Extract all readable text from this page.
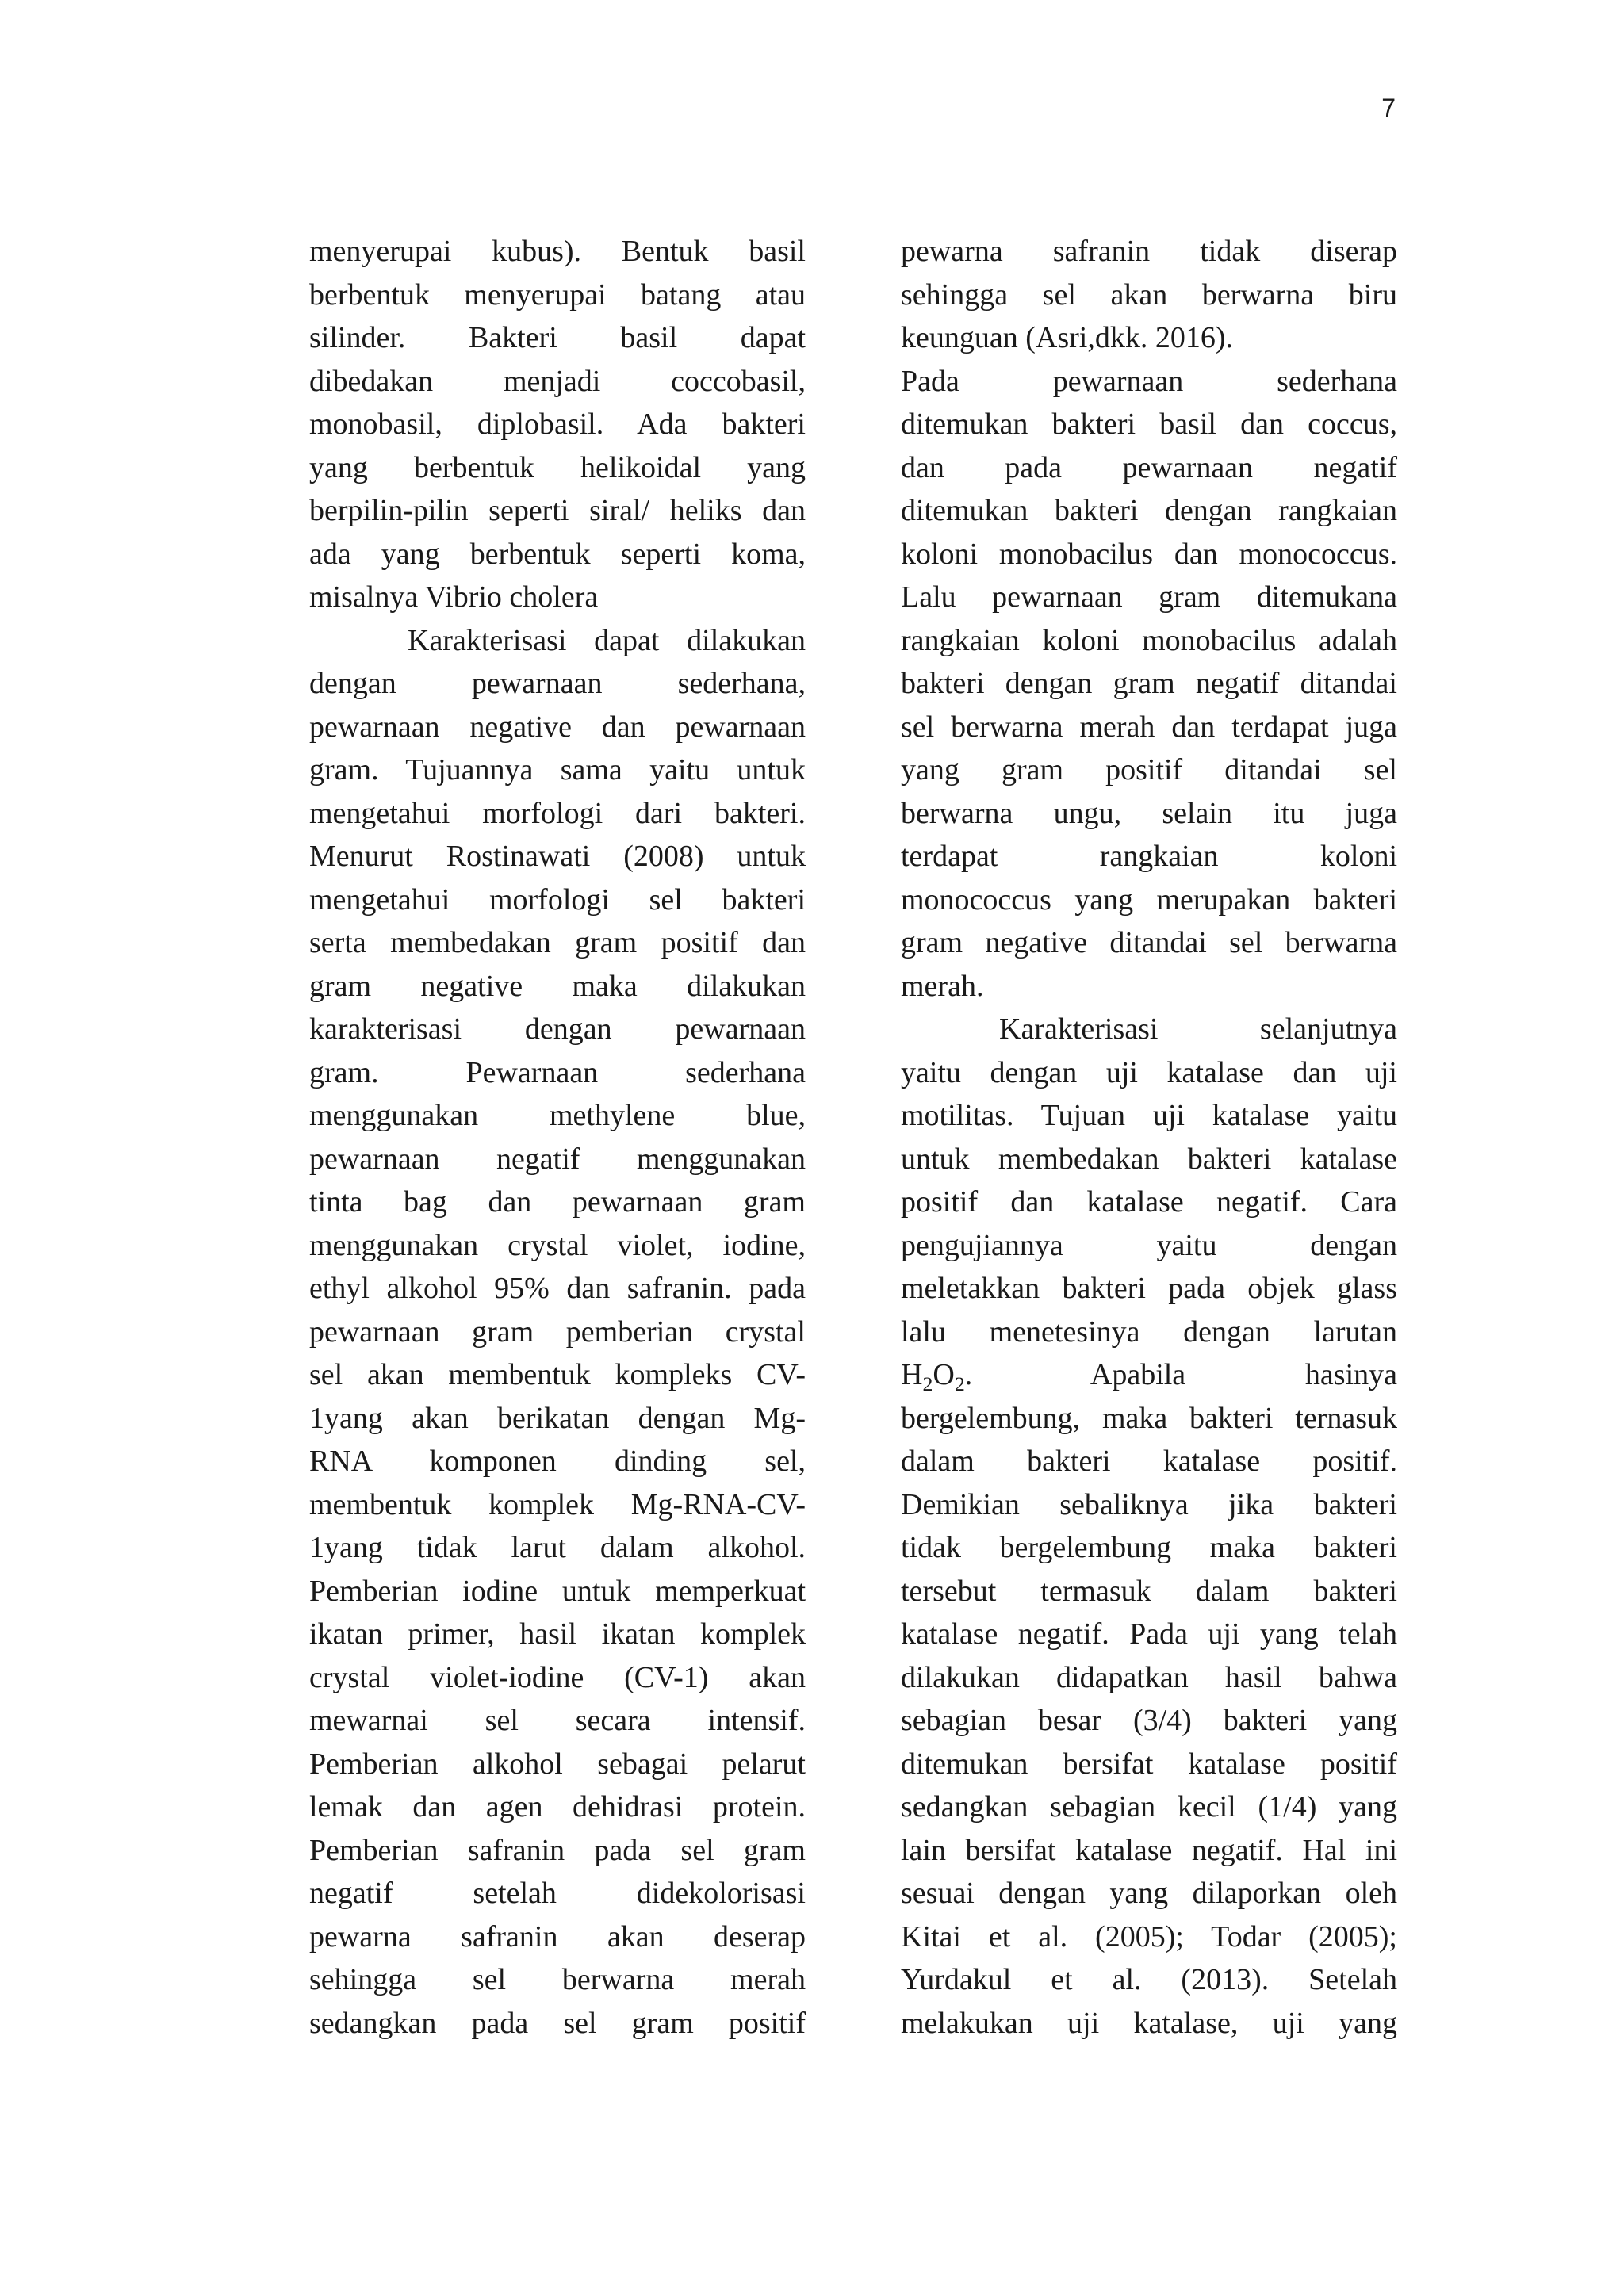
7
menyerupai kubus). Bentuk basil
berbentuk menyerupai batang atau
silinder. Bakteri basil dapat
dibedakan menjadi coccobasil,
monobasil, diplobasil. Ada bakteri
yang berbentuk helikoidal yang
berpilin-pilin seperti siral/ heliks dan
ada yang berbentuk seperti koma,
misalnya Vibrio cholera
Karakterisasi dapat dilakukan
dengan pewarnaan sederhana,
pewarnaan negative dan pewarnaan
gram. Tujuannya sama yaitu untuk
mengetahui morfologi dari bakteri.
Menurut Rostinawati (2008) untuk
mengetahui morfologi sel bakteri
serta membedakan gram positif dan
gram negative maka dilakukan
karakterisasi dengan pewarnaan
gram. Pewarnaan sederhana
menggunakan methylene blue,
pewarnaan negatif menggunakan
tinta bag dan pewarnaan gram
menggunakan crystal violet, iodine,
ethyl alkohol 95% dan safranin. pada
pewarnaan gram pemberian crystal
sel akan membentuk kompleks CV-
1yang akan berikatan dengan Mg-
RNA komponen dinding sel,
membentuk komplek Mg-RNA-CV-
1yang tidak larut dalam alkohol.
Pemberian iodine untuk memperkuat
ikatan primer, hasil ikatan komplek
crystal violet-iodine (CV-1) akan
mewarnai sel secara intensif.
Pemberian alkohol sebagai pelarut
lemak dan agen dehidrasi protein.
Pemberian safranin pada sel gram
negatif setelah didekolorisasi
pewarna safranin akan deserap
sehingga sel berwarna merah
sedangkan pada sel gram positif
pewarna safranin tidak diserap
sehingga sel akan berwarna biru
keunguan (Asri,dkk. 2016).
Pada pewarnaan sederhana
ditemukan bakteri basil dan coccus,
dan pada pewarnaan negatif
ditemukan bakteri dengan rangkaian
koloni monobacilus dan monococcus.
Lalu pewarnaan gram ditemukana
rangkaian koloni monobacilus adalah
bakteri dengan gram negatif ditandai
sel berwarna merah dan terdapat juga
yang gram positif ditandai sel
berwarna ungu, selain itu juga
terdapat rangkaian koloni
monococcus yang merupakan bakteri
gram negative ditandai sel berwarna
merah.
Karakterisasi selanjutnya
yaitu dengan uji katalase dan uji
motilitas. Tujuan uji katalase yaitu
untuk membedakan bakteri katalase
positif dan katalase negatif. Cara
pengujiannya yaitu dengan
meletakkan bakteri pada objek glass
lalu menetesinya dengan larutan
$H_2O_2$. Apabila hasinya
bergelembung, maka bakteri ternasuk
dalam bakteri katalase positif.
Demikian sebaliknya jika bakteri
tidak bergelembung maka bakteri
tersebut termasuk dalam bakteri
katalase negatif. Pada uji yang telah
dilakukan didapatkan hasil bahwa
sebagian besar (3/4) bakteri yang
ditemukan bersifat katalase positif
sedangkan sebagian kecil (1/4) yang
lain bersifat katalase negatif. Hal ini
sesuai dengan yang dilaporkan oleh
Kitai et al. (2005); Todar (2005);
Yurdakul et al. (2013). Setelah
melakukan uji katalase, uji yang
